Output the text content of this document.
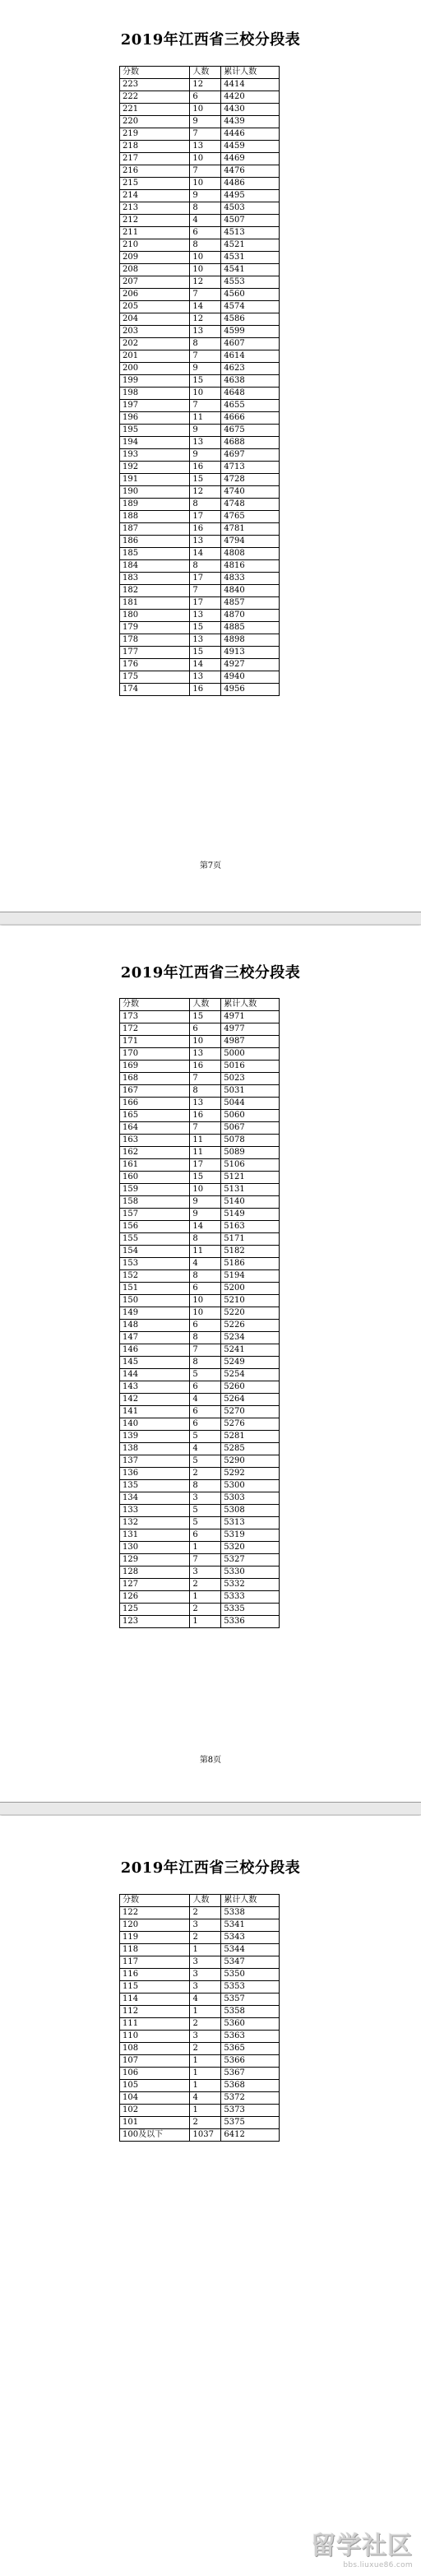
2019年江西省三校分段表
分数	人数	累计人数
223	12	4414
222	6	4420
221	10	4430
220	9	4439
219	7	4446
218	13	4459
217	10	4469
216	7	4476
215	10	4486
214	9	4495
213	8	4503
212	4	4507
211	6	4513
210	8	4521
209	10	4531
208	10	4541
207	12	4553
206	7	4560
205	14	4574
204	12	4586
203	13	4599
202	8	4607
201	7	4614
200	9	4623
199	15	4638
198	10	4648
197	7	4655
196	11	4666
195	9	4675
194	13	4688
193	9	4697
192	16	4713
191	15	4728
190	12	4740
189	8	4748
188	17	4765
187	16	4781
186	13	4794
185	14	4808
184	8	4816
183	17	4833
182	7	4840
181	17	4857
180	13	4870
179	15	4885
178	13	4898
177	15	4913
176	14	4927
175	13	4940
174	16	4956
第7页
2019年江西省三校分段表
分数	人数	累计人数
173	15	4971
172	6	4977
171	10	4987
170	13	5000
169	16	5016
168	7	5023
167	8	5031
166	13	5044
165	16	5060
164	7	5067
163	11	5078
162	11	5089
161	17	5106
160	15	5121
159	10	5131
158	9	5140
157	9	5149
156	14	5163
155	8	5171
154	11	5182
153	4	5186
152	8	5194
151	6	5200
150	10	5210
149	10	5220
148	6	5226
147	8	5234
146	7	5241
145	8	5249
144	5	5254
143	6	5260
142	4	5264
141	6	5270
140	6	5276
139	5	5281
138	4	5285
137	5	5290
136	2	5292
135	8	5300
134	3	5303
133	5	5308
132	5	5313
131	6	5319
130	1	5320
129	7	5327
128	3	5330
127	2	5332
126	1	5333
125	2	5335
123	1	5336
第8页
2019年江西省三校分段表
分数	人数	累计人数
122	2	5338
120	3	5341
119	2	5343
118	1	5344
117	3	5347
116	3	5350
115	3	5353
114	4	5357
112	1	5358
111	2	5360
110	3	5363
108	2	5365
107	1	5366
106	1	5367
105	1	5368
104	4	5372
102	1	5373
101	2	5375
100及以下	1037	6412
留学社区
bbs.liuxue86.com
